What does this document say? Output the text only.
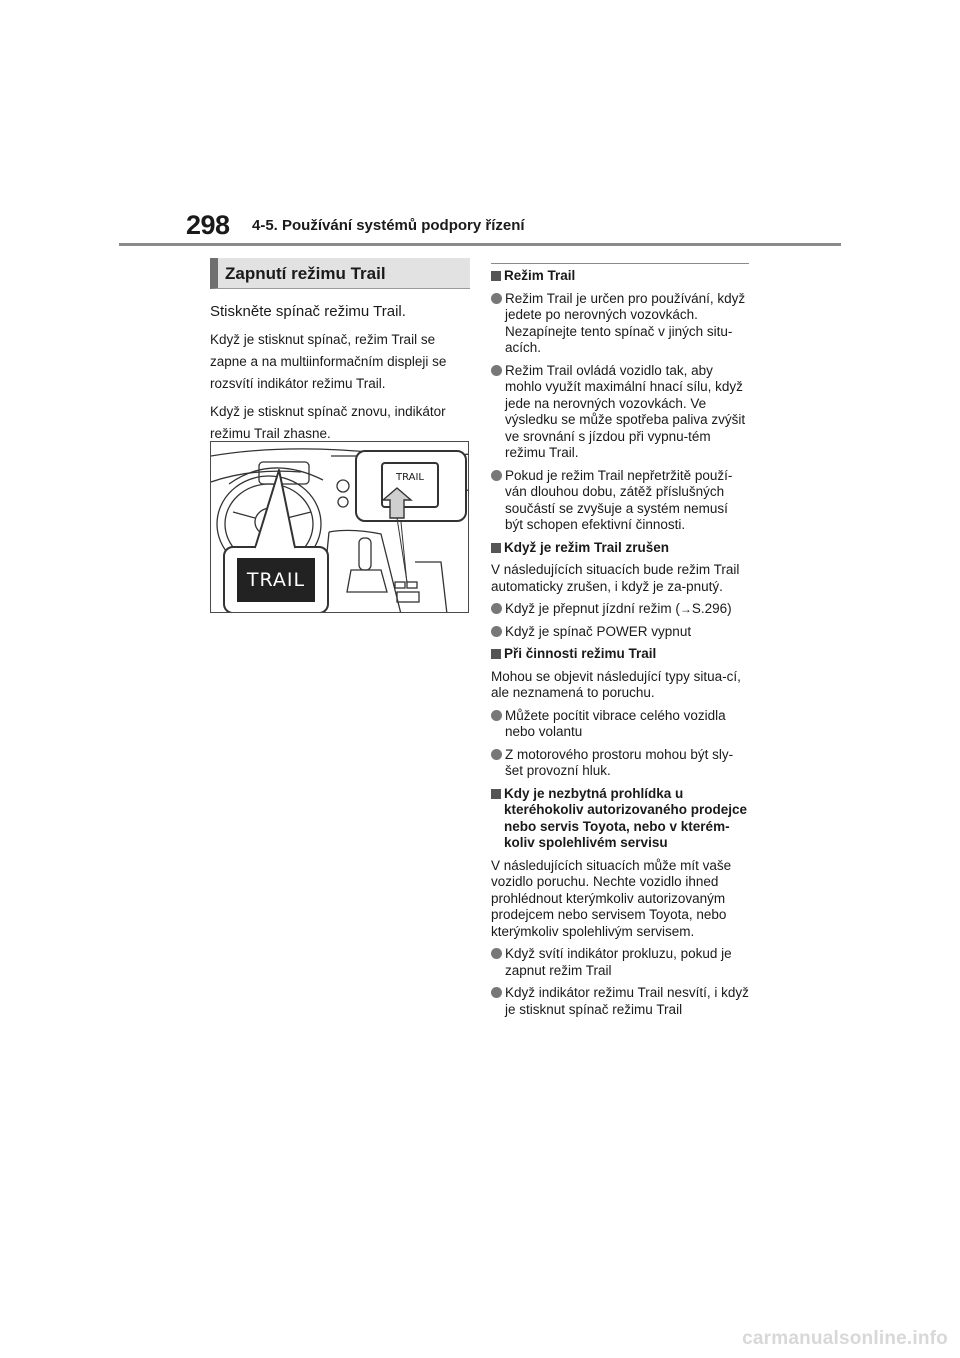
298 4-5. Používání systémů podpory řízení
Zapnutí režimu Trail

Stiskněte spínač režimu Trail.

Když je stisknut spínač, režim Trail se zapne a na multiinformačním displeji se rozsvítí indikátor režimu Trail.

Když je stisknut spínač znovu, indikátor režimu Trail zhasne.

TRAIL
TRAIL
Režim Trail
Režim Trail je určen pro používání, když jedete po nerovných vozovkách. Nezapínejte tento spínač v jiných situ-acích.
Režim Trail ovládá vozidlo tak, aby mohlo využít maximální hnací sílu, když jede na nerovných vozovkách. Ve výsledku se může spotřeba paliva zvýšit ve srovnání s jízdou při vypnu-tém režimu Trail.
Pokud je režim Trail nepřetržitě použí-ván dlouhou dobu, zátěž příslušných součástí se zvyšuje a systém nemusí být schopen efektivní činnosti.
Když je režim Trail zrušen
V následujících situacích bude režim Trail automaticky zrušen, i když je za-pnutý.
Když je přepnut jízdní režim (→S.296)
Když je spínač POWER vypnut
Při činnosti režimu Trail
Mohou se objevit následující typy situa-cí, ale neznamená to poruchu.
Můžete pocítit vibrace celého vozidla nebo volantu
Z motorového prostoru mohou být sly-šet provozní hluk.
Kdy je nezbytná prohlídka u kteréhokoliv autorizovaného prodejce nebo servis Toyota, nebo v kterém-koliv spolehlivém servisu
V následujících situacích může mít vaše vozidlo poruchu. Nechte vozidlo ihned prohlédnout kterýmkoliv autorizovaným prodejcem nebo servisem Toyota, nebo kterýmkoliv spolehlivým servisem.
Když svítí indikátor prokluzu, pokud je zapnut režim Trail
Když indikátor režimu Trail nesvítí, i když je stisknut spínač režimu Trail
carmanualsonline.info
